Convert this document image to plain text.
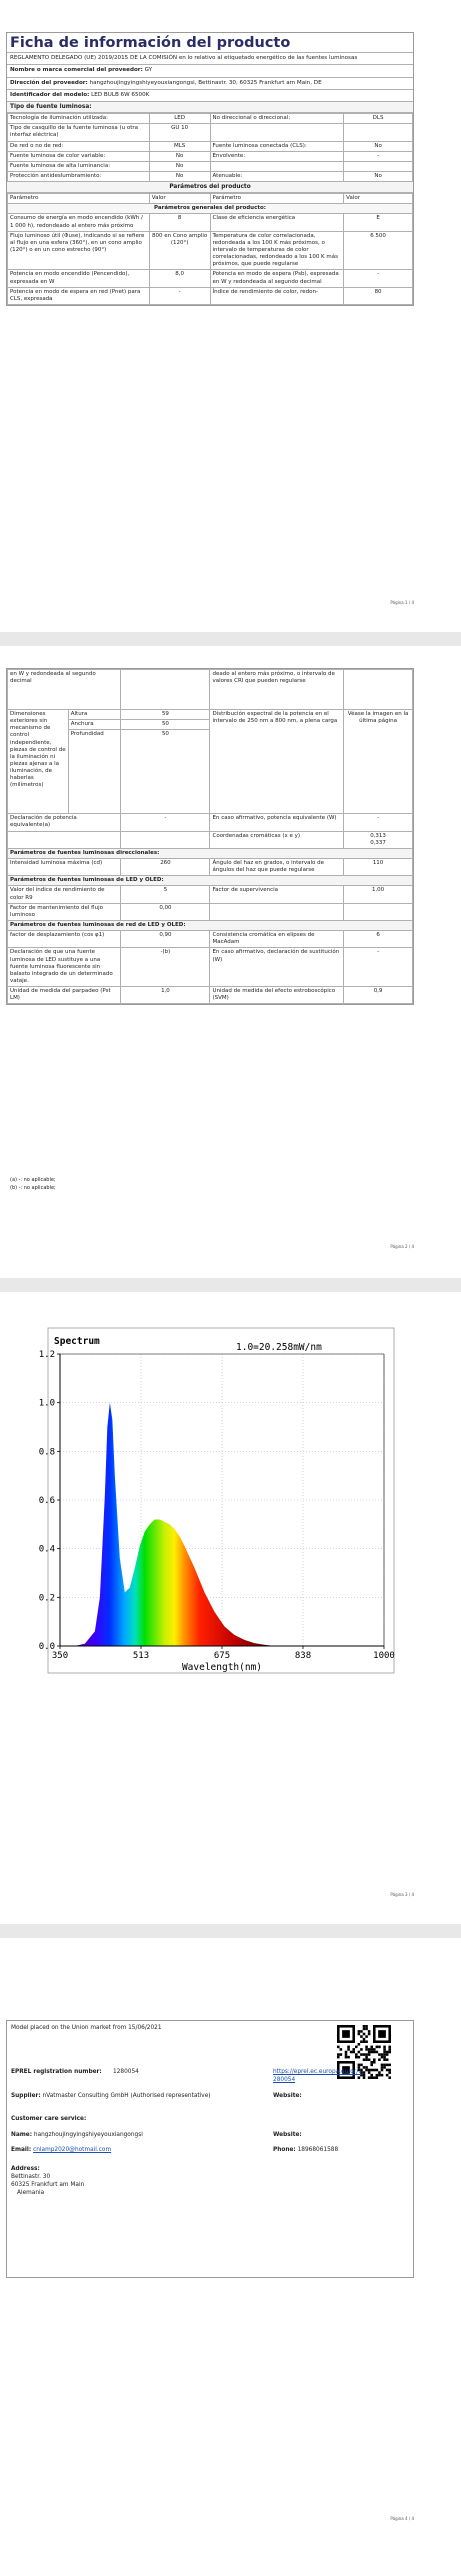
Ficha de información del producto
REGLAMENTO DELEGADO (UE) 2019/2015 DE LA COMISIÓN en lo relativo al etiquetado energético de las fuentes luminosas
Nombre o marca comercial del proveedor: GY
Dirección del proveedor: hangzhoujingyingshiyeyouxiangongsi, Bettinastr. 30, 60325 Frankfurt am Main, DE
Identificador del modelo: LED BULB 6W 6500K
Tipo de fuente luminosa:
Tecnología de iluminación utilizada:	LED	No direccional o direccional:	DLS
Tipo de casquillo de la fuente luminosa (u otra interfaz eléctrica)	GU 10		
De red o no de red:	MLS	Fuente luminosa conectada (CLS):	No
Fuente luminosa de color variable:	No	Envolvente:	-
Fuente luminosa de alta luminancia:	No		
Protección antideslumbramiento:	No	Atenuable:	No
Parámetros del producto
Parámetro	Valor	Parámetro	Valor
Parámetros generales del producto:			
Consumo de energía en modo encendido (kWh / 1 000 h), redondeado al entero más próximo	8	Clase de eficiencia energética	E
Flujo luminoso útil (Φuse), indicando si se refiere al flujo en una esfera (360°), en un cono amplio (120°) o en un cono estrecho (90°)	800 en Cono amplio (120°)	Temperatura de color correlacionada, redondeada a los 100 K más próximos, o intervalo de temperaturas de color correlacionadas, redondeado a los 100 K más próximos, que puede regularse	6 500
Potencia en modo encendido (Pencendido), expresada en W	8,0	Potencia en modo de espera (Psb), expresada en W y redondeada al segundo decimal	-
Potencia en modo de espera en red (Pnet) para CLS, expresada	-	Índice de rendimiento de color, redon-	80
Página 1 / 4
en W y redondeada al segundo decimal			deado al entero más próximo, o intervalo de valores CRI que pueden regularse	
Dimensiones exteriores sin mecanismo de control independiente, piezas de control de la iluminación ni piezas ajenas a la iluminación, de haberlas (milímetros)	Altura	59	Distribución espectral de la potencia en el intervalo de 250 nm a 800 nm, a plena carga	Véase la imagen en la última página
	Anchura	50		
	Profundidad	50		
Declaración de potencia equivalente(a)		-	En caso afirmativo, potencia equivalente (W)	-
			Coordenadas cromáticas (x e y)	0,313
0,337
Parámetros de fuentes luminosas direccionales:				
Intensidad luminosa máxima (cd)		260	Ángulo del haz en grados, o intervalo de ángulos del haz que puede regularse	110
Parámetros de fuentes luminosas de LED y OLED:				
Valor del índice de rendimiento de color R9		5	Factor de supervivencia	1,00
Factor de mantenimiento del flujo luminoso		0,00		
Parámetros de fuentes luminosas de red de LED y OLED:				
factor de desplazamiento (cos φ1)		0,90	Consistencia cromática en elipses de MacAdam	6
Declaración de que una fuente luminosa de LED sustituye a una fuente luminosa fluorescente sin balasto integrado de un determinado vataje.		-(b)	En caso afirmativo, declaración de sustitución (W)	-
Unidad de medida del parpadeo (Pst LM)		1,0	Unidad de medida del efecto estroboscópico (SVM)	0,9
(a) -: no aplicable;
(b) -: no aplicable;
Página 2 / 4
350	513	675	838	1000
0.0
0.2
0.4
0.6
0.8
1.0
1.2
Spectrum
1.0=20.258mW/nm
Wavelength(nm)
Página 3 / 4
Model placed on the Union market from 15/06/2021
EPREL registration number: 1280054	https://eprel.ec.europa.eu/qr/1280054
Supplier: nVatmaster Consulting GmbH (Authorised representative)	Website:
Customer care service:
Name: hangzhoujingyingshiyeyouxiangongsi	Website:
Email: cnlamp2020@hotmail.com	Phone: 18968061588
Address:
Bettinastr. 30
60325 Frankfurt am Main
Alemania
Página 4 / 4
